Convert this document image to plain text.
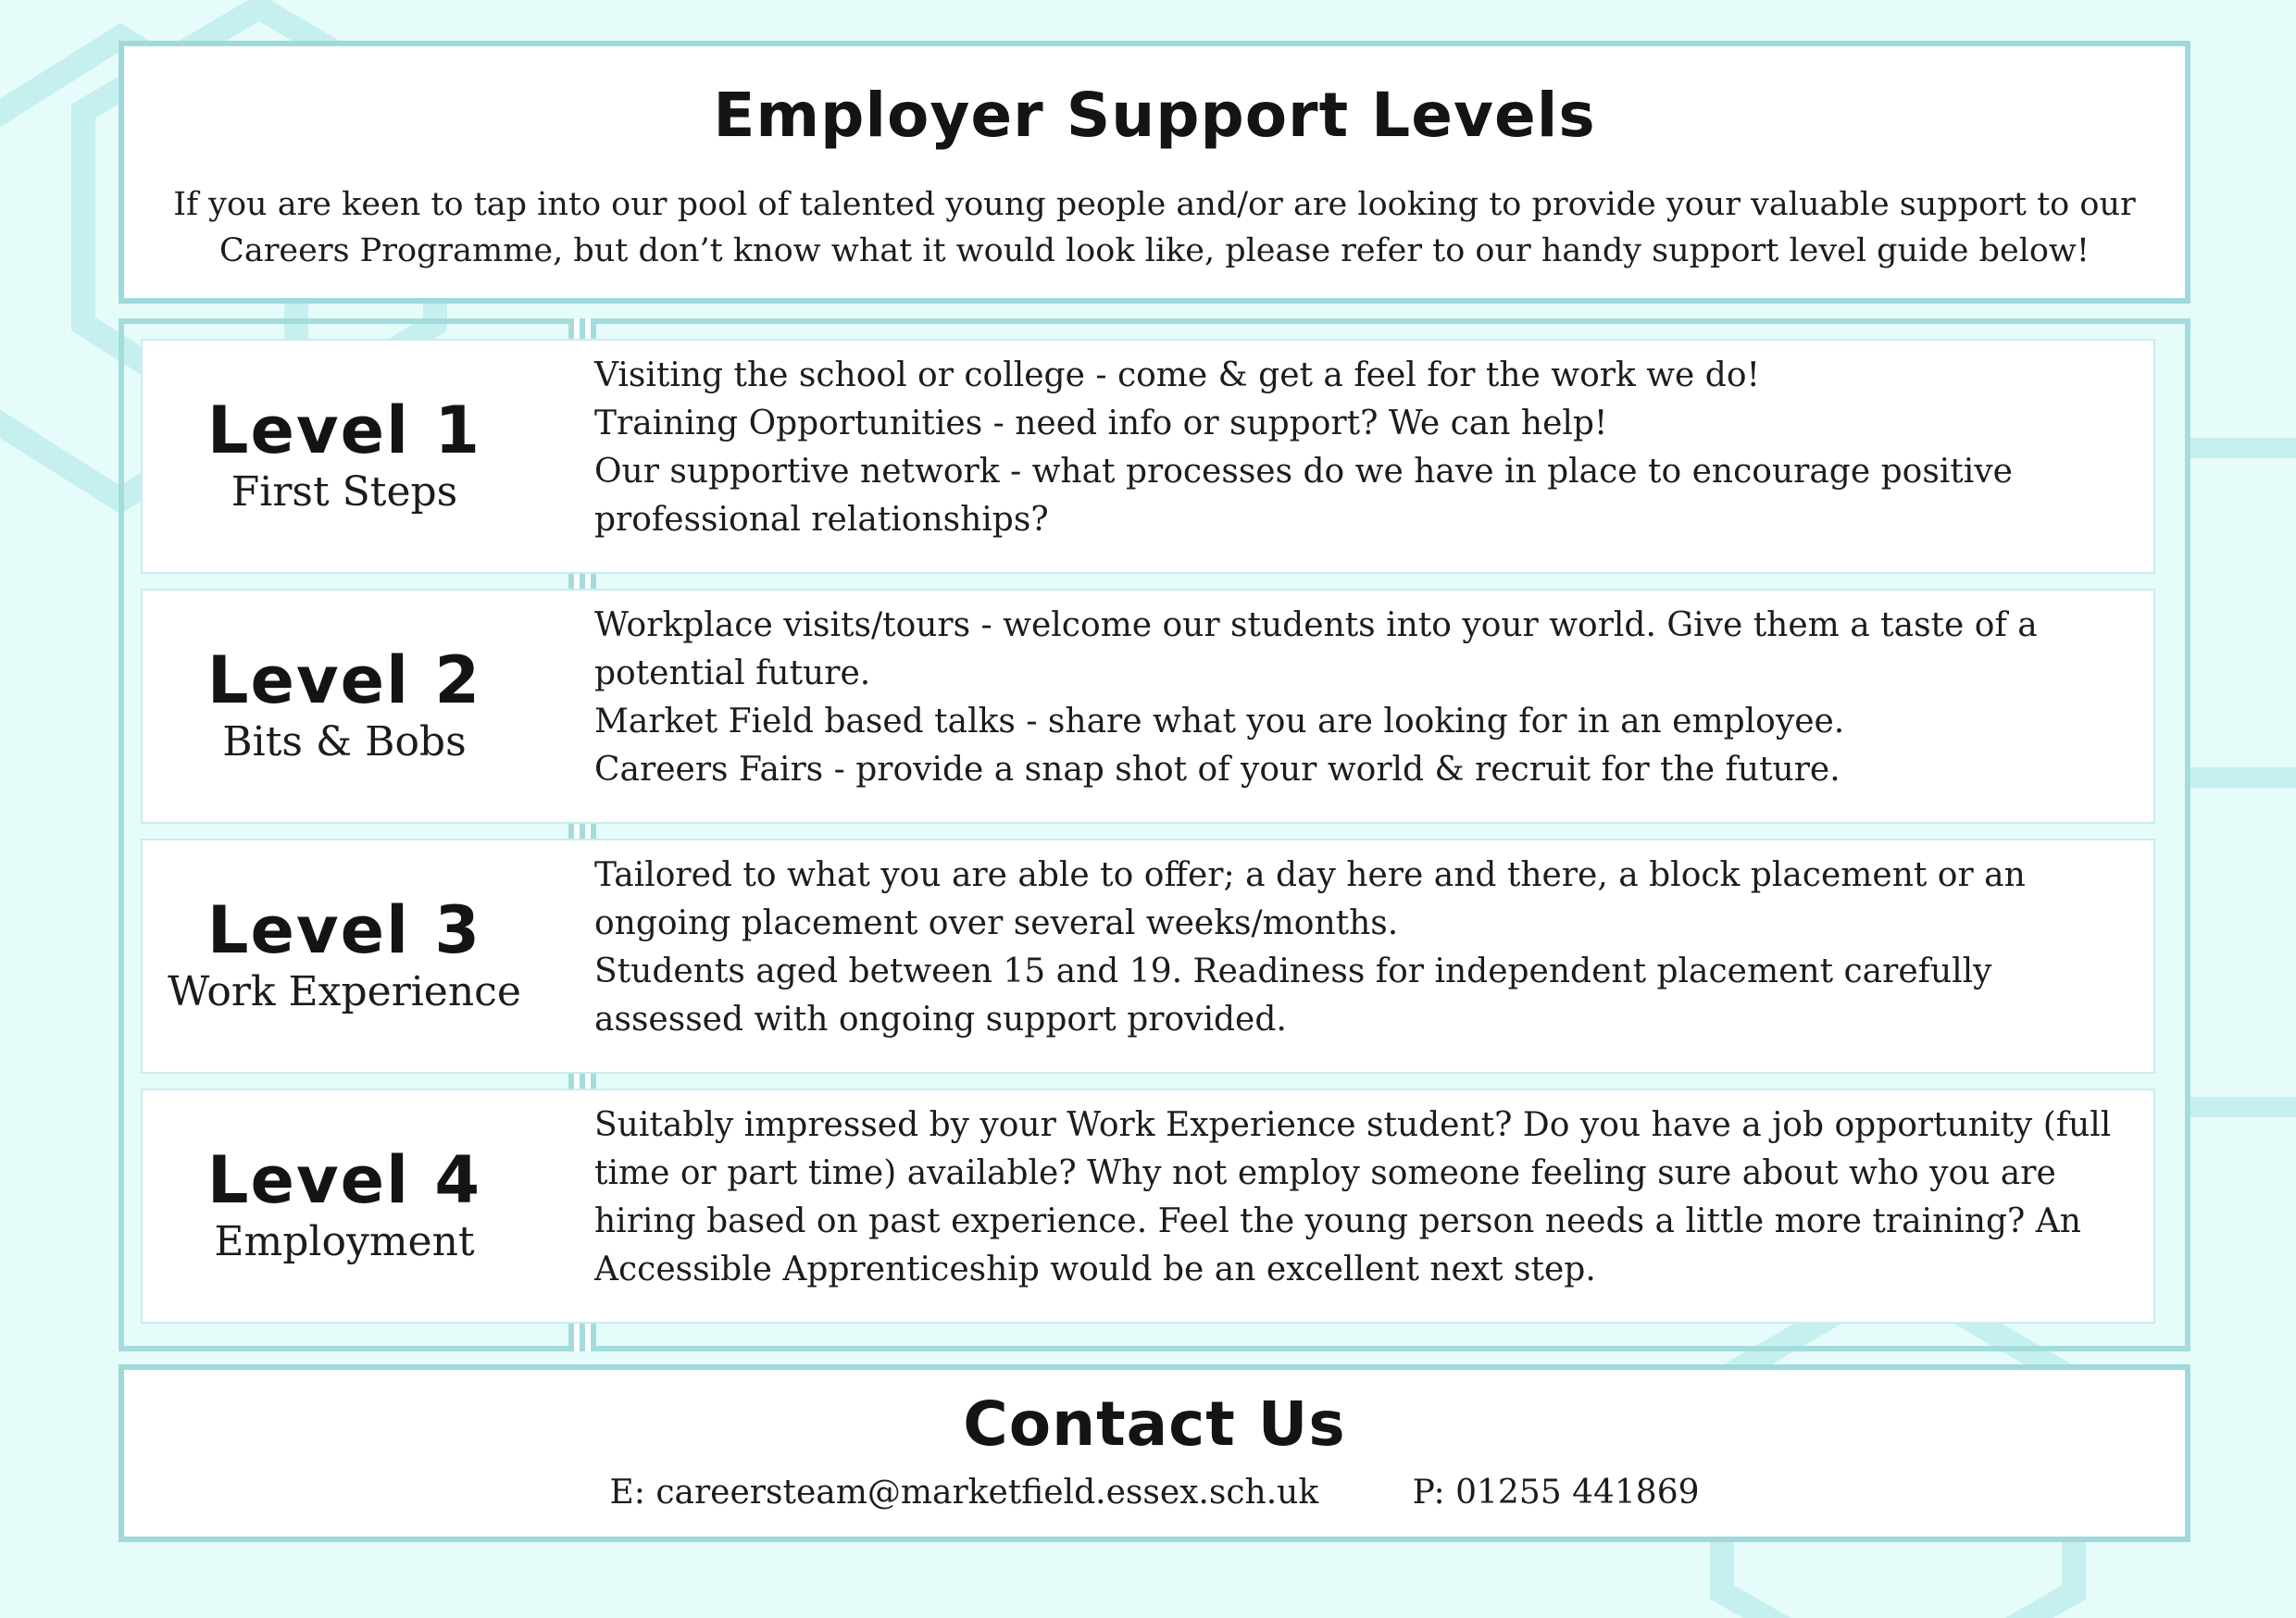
Employer Support Levels

If you are keen to tap into our pool of talented young people and/or are looking to provide your valuable support to our Careers Programme, but don’t know what it would look like, please refer to our handy support level guide below!

Level 1
First Steps
Visiting the school or college - come & get a feel for the work we do!
Training Opportunities - need info or support? We can help!
Our supportive network - what processes do we have in place to encourage positive professional relationships?
Level 2
Bits & Bobs
Workplace visits/tours - welcome our students into your world. Give them a taste of a potential future.
Market Field based talks - share what you are looking for in an employee.
Careers Fairs - provide a snap shot of your world & recruit for the future.
Level 3
Work Experience
Tailored to what you are able to offer; a day here and there, a block placement or an ongoing placement over several weeks/months.
Students aged between 15 and 19. Readiness for independent placement carefully assessed with ongoing support provided.
Level 4
Employment
Suitably impressed by your Work Experience student? Do you have a job opportunity (full time or part time) available? Why not employ someone feeling sure about who you are hiring based on past experience. Feel the young person needs a little more training? An Accessible Apprenticeship would be an excellent next step.
Contact Us
E: careersteam@marketfield.essex.sch.uk	P: 01255 441869
